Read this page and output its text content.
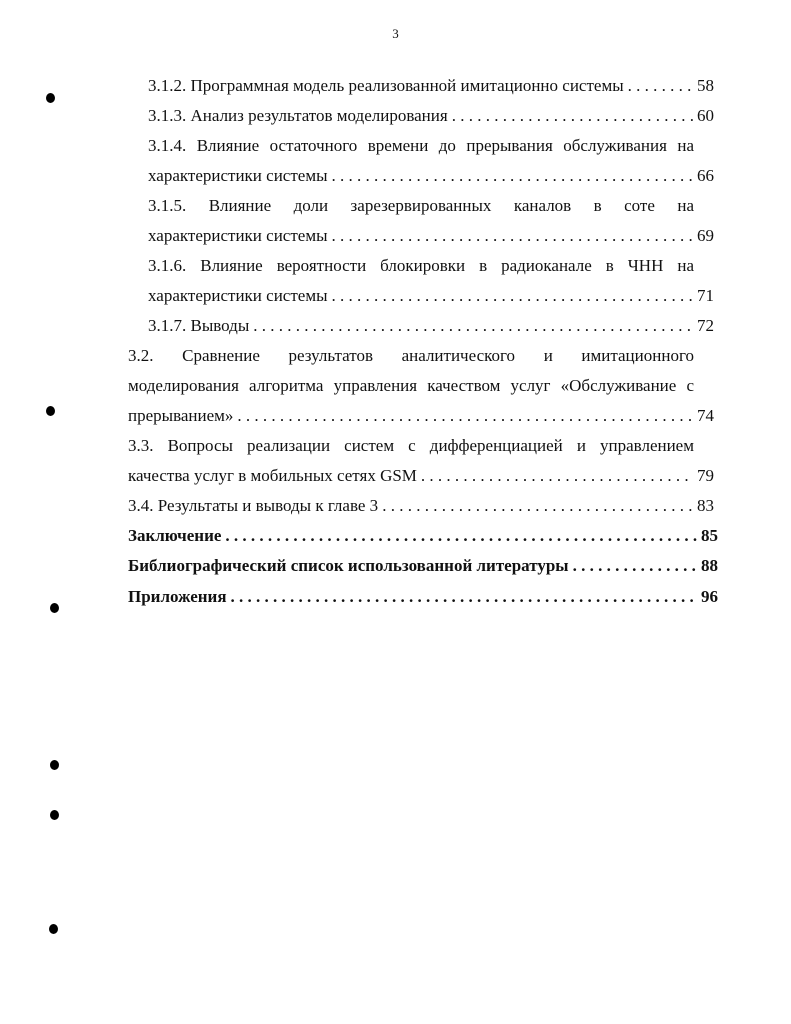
3
3.1.2. Программная модель реализованной имитационно системы . . .	58
3.1.3. Анализ результатов моделирования . . .	60
3.1.4. Влияние остаточного времени до прерывания обслуживания на
характеристики системы . . .	66
3.1.5. Влияние доли зарезервированных каналов в соте на
характеристики системы . . .	69
3.1.6. Влияние вероятности блокировки в радиоканале в ЧНН на
характеристики системы . . .	71
3.1.7. Выводы . . .	72
3.2. Сравнение результатов аналитического и имитационного
моделирования алгоритма управления качеством услуг «Обслуживание с
прерыванием» . . .	74
3.3. Вопросы реализации систем с дифференциацией и управлением
качества услуг в мобильных сетях GSM . . .	79
3.4. Результаты и выводы к главе 3 . . .	83
Заключение . . .	85
Библиографический список использованной литературы . . .	88
Приложения . . .	96
